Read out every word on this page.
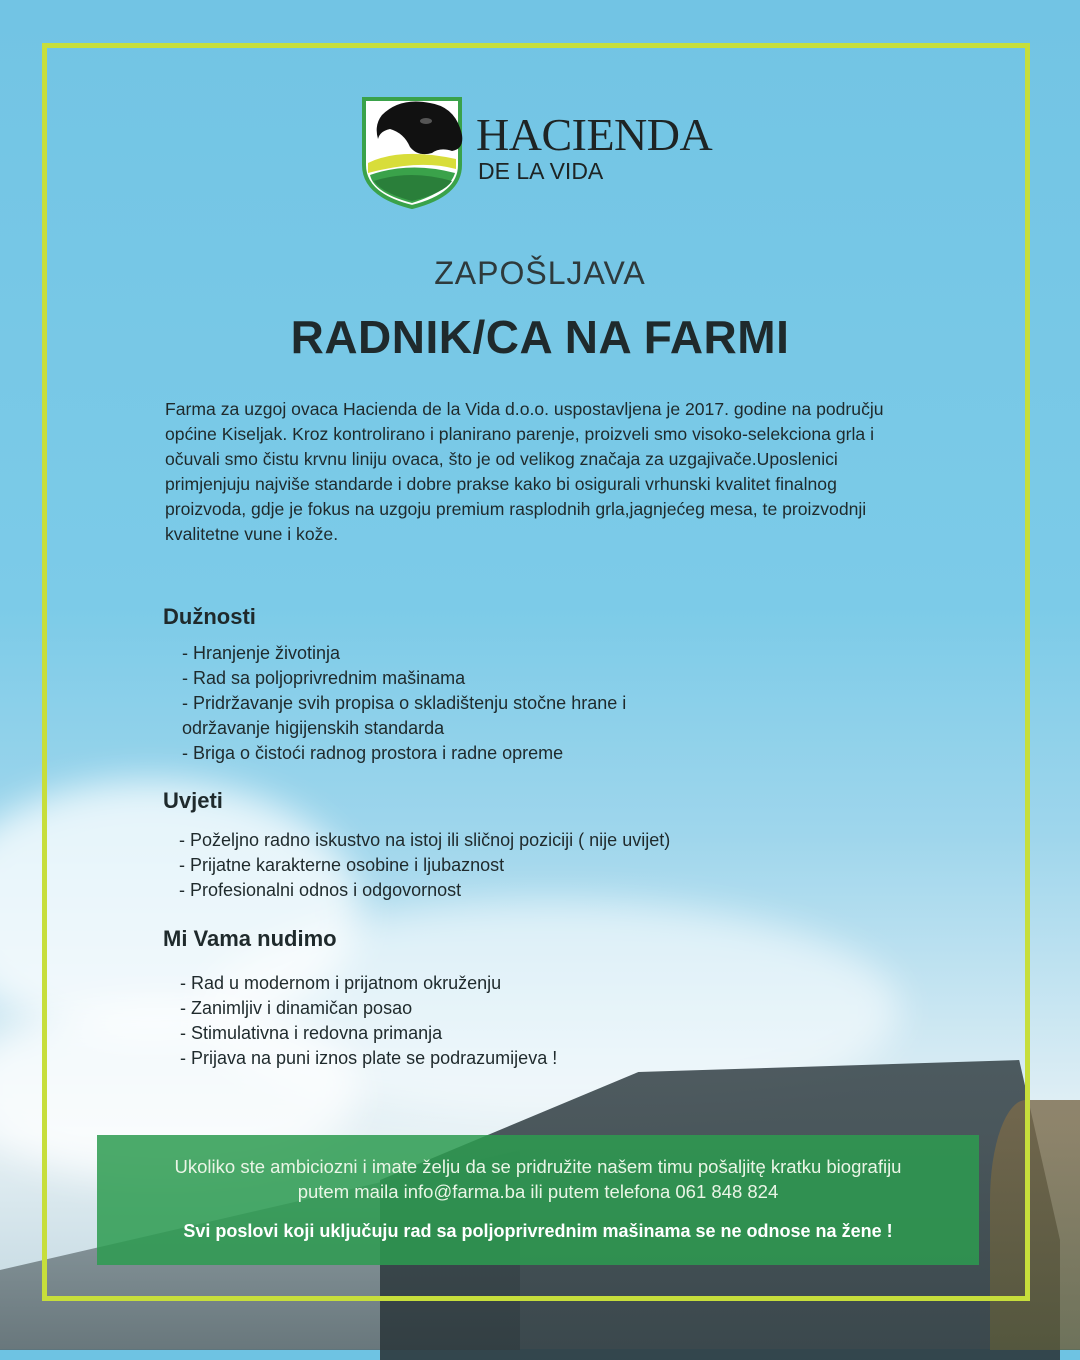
HACIENDA
DE LA VIDA
ZAPOŠLJAVA
RADNIK/CA NA FARMI
Farma za uzgoj ovaca Hacienda de la Vida d.o.o. uspostavljena je 2017. godine na području
općine Kiseljak. Kroz kontrolirano i planirano parenje, proizveli smo visoko-selekciona grla i
očuvali smo čistu krvnu liniju ovaca, što je od velikog značaja za uzgajivače.Uposlenici
primjenjuju najviše standarde i dobre prakse kako bi osigurali vrhunski kvalitet finalnog
proizvoda, gdje je fokus na uzgoju premium rasplodnih grla,jagnjećeg mesa, te proizvodnji
kvalitetne vune i kože.
Dužnosti
- Hranjenje životinja
- Rad sa poljoprivrednim mašinama
- Pridržavanje svih propisa o skladištenju stočne hrane i
održavanje higijenskih standarda
- Briga o čistoći radnog prostora i radne opreme
Uvjeti
- Poželjno radno iskustvo na istoj ili sličnoj poziciji ( nije uvijet)
- Prijatne karakterne osobine i ljubaznost
- Profesionalni odnos i odgovornost
Mi Vama nudimo
- Rad u modernom i prijatnom okruženju
- Zanimljiv i dinamičan posao
- Stimulativna i redovna primanja
- Prijava na puni iznos plate se podrazumijeva !
Ukoliko ste ambiciozni i imate želju da se pridružite našem timu pošaljitę kratku biografiju
putem maila info@farma.ba ili putem telefona 061 848 824
Svi poslovi koji uključuju rad sa poljoprivrednim mašinama se ne odnose na žene !
